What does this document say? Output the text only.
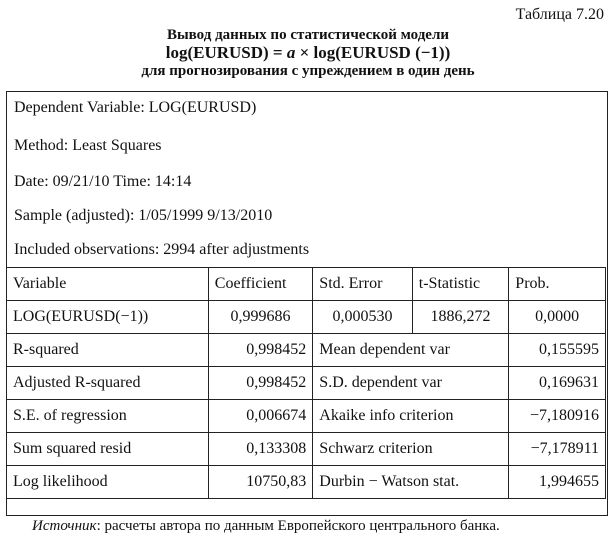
Таблица 7.20
Вывод данных по статистической модели
log(EURUSD) = a × log(EURUSD (−1))
для прогнозирования с упреждением в один день
Dependent Variable: LOG(EURUSD)
Method: Least Squares
Date: 09/21/10 Time: 14:14
Sample (adjusted): 1/05/1999 9/13/2010
Included observations: 2994 after adjustments
Variable	Coefficient	Std. Error	t-Statistic	Prob.
LOG(EURUSD(−1))	0,999686	0,000530	1886,272	0,0000
R-squared	0,998452	Mean dependent var		0,155595
Adjusted R-squared	0,998452	S.D. dependent var		0,169631
S.E. of regression	0,006674	Akaike info criterion		−7,180916
Sum squared resid	0,133308	Schwarz criterion		−7,178911
Log likelihood	10750,83	Durbin − Watson stat.		1,994655
Источник: расчеты автора по данным Европейского центрального банка.
